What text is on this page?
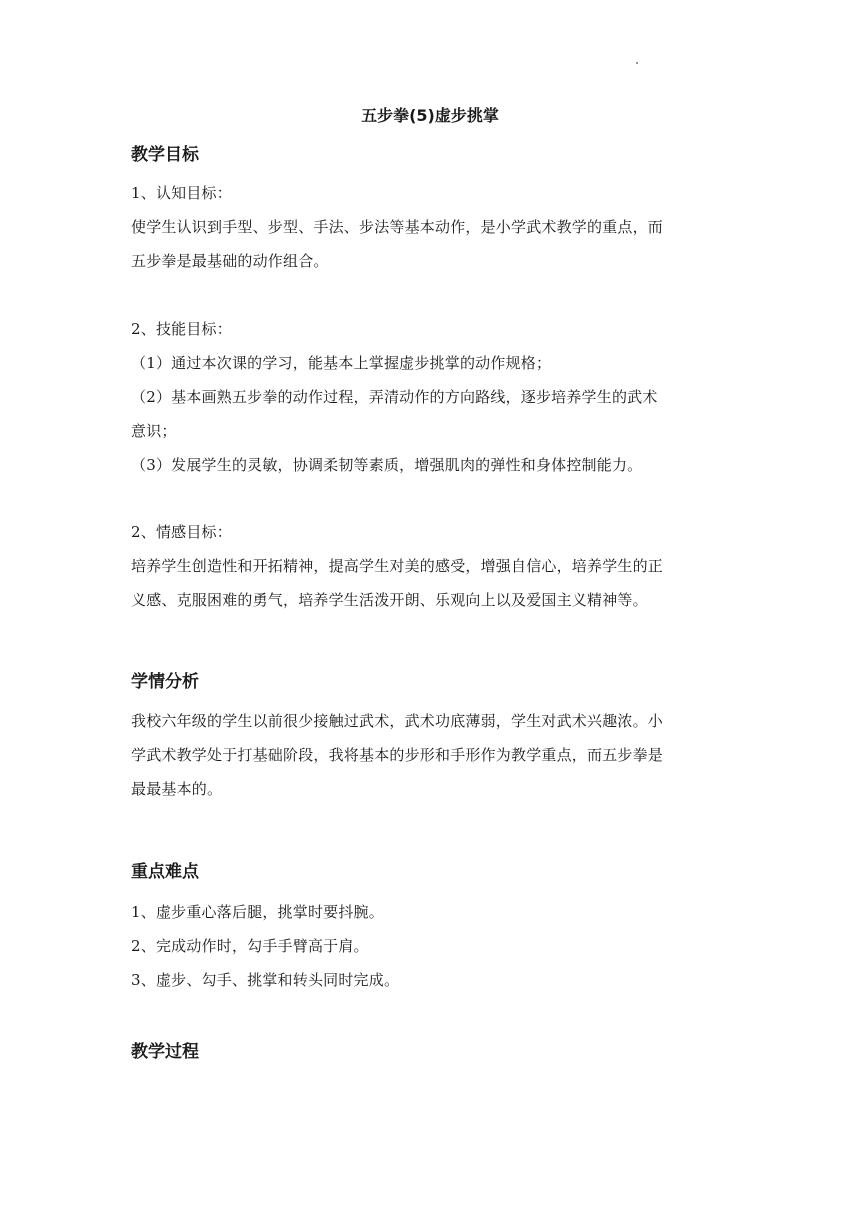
五步拳(5)虚步挑掌
教学目标
1、认知目标：
使学生认识到手型、步型、手法、步法等基本动作，是小学武术教学的重点，而
五步拳是最基础的动作组合。
2、技能目标：
（1）通过本次课的学习，能基本上掌握虚步挑掌的动作规格；
（2）基本画熟五步拳的动作过程，弄清动作的方向路线，逐步培养学生的武术
意识；
（3）发展学生的灵敏，协调柔韧等素质，增强肌肉的弹性和身体控制能力。
2、情感目标：
培养学生创造性和开拓精神，提高学生对美的感受，增强自信心，培养学生的正
义感、克服困难的勇气，培养学生活泼开朗、乐观向上以及爱国主义精神等。
学情分析
我校六年级的学生以前很少接触过武术，武术功底薄弱，学生对武术兴趣浓。小
学武术教学处于打基础阶段，我将基本的步形和手形作为教学重点，而五步拳是
最最基本的。
重点难点
1、虚步重心落后腿，挑掌时要抖腕。
2、完成动作时，勾手手臂高于肩。
3、虚步、勾手、挑掌和转头同时完成。
教学过程
